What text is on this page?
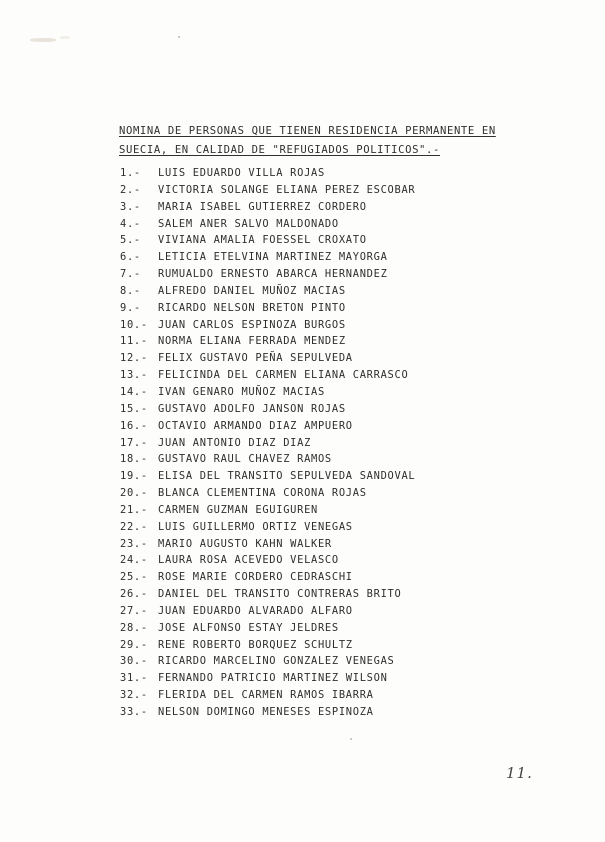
NOMINA DE PERSONAS QUE TIENEN RESIDENCIA PERMANENTE EN
SUECIA, EN CALIDAD DE "REFUGIADOS POLITICOS".-
1.-	LUIS EDUARDO VILLA ROJAS
2.-	VICTORIA SOLANGE ELIANA PEREZ ESCOBAR
3.-	MARIA ISABEL GUTIERREZ CORDERO
4.-	SALEM ANER SALVO MALDONADO
5.-	VIVIANA AMALIA FOESSEL CROXATO
6.-	LETICIA ETELVINA MARTINEZ MAYORGA
7.-	RUMUALDO ERNESTO ABARCA HERNANDEZ
8.-	ALFREDO DANIEL MUÑOZ MACIAS
9.-	RICARDO NELSON BRETON PINTO
10.- JUAN CARLOS ESPINOZA BURGOS
11.- NORMA ELIANA FERRADA MENDEZ
12.- FELIX GUSTAVO PEÑA SEPULVEDA
13.- FELICINDA DEL CARMEN ELIANA CARRASCO
14.- IVAN GENARO MUÑOZ MACIAS
15.- GUSTAVO ADOLFO JANSON ROJAS
16.- OCTAVIO ARMANDO DIAZ AMPUERO
17.- JUAN ANTONIO DIAZ DIAZ
18.- GUSTAVO RAUL CHAVEZ RAMOS
19.- ELISA DEL TRANSITO SEPULVEDA SANDOVAL
20.- BLANCA CLEMENTINA CORONA ROJAS
21.- CARMEN GUZMAN EGUIGUREN
22.- LUIS GUILLERMO ORTIZ VENEGAS
23.- MARIO AUGUSTO KAHN WALKER
24.- LAURA ROSA ACEVEDO VELASCO
25.- ROSE MARIE CORDERO CEDRASCHI
26.- DANIEL DEL TRANSITO CONTRERAS BRITO
27.- JUAN EDUARDO ALVARADO ALFARO
28.- JOSE ALFONSO ESTAY JELDRES
29.- RENE ROBERTO BORQUEZ SCHULTZ
30.- RICARDO MARCELINO GONZALEZ VENEGAS
31.- FERNANDO PATRICIO MARTINEZ WILSON
32.- FLERIDA DEL CARMEN RAMOS IBARRA
33.- NELSON DOMINGO MENESES ESPINOZA
11.
